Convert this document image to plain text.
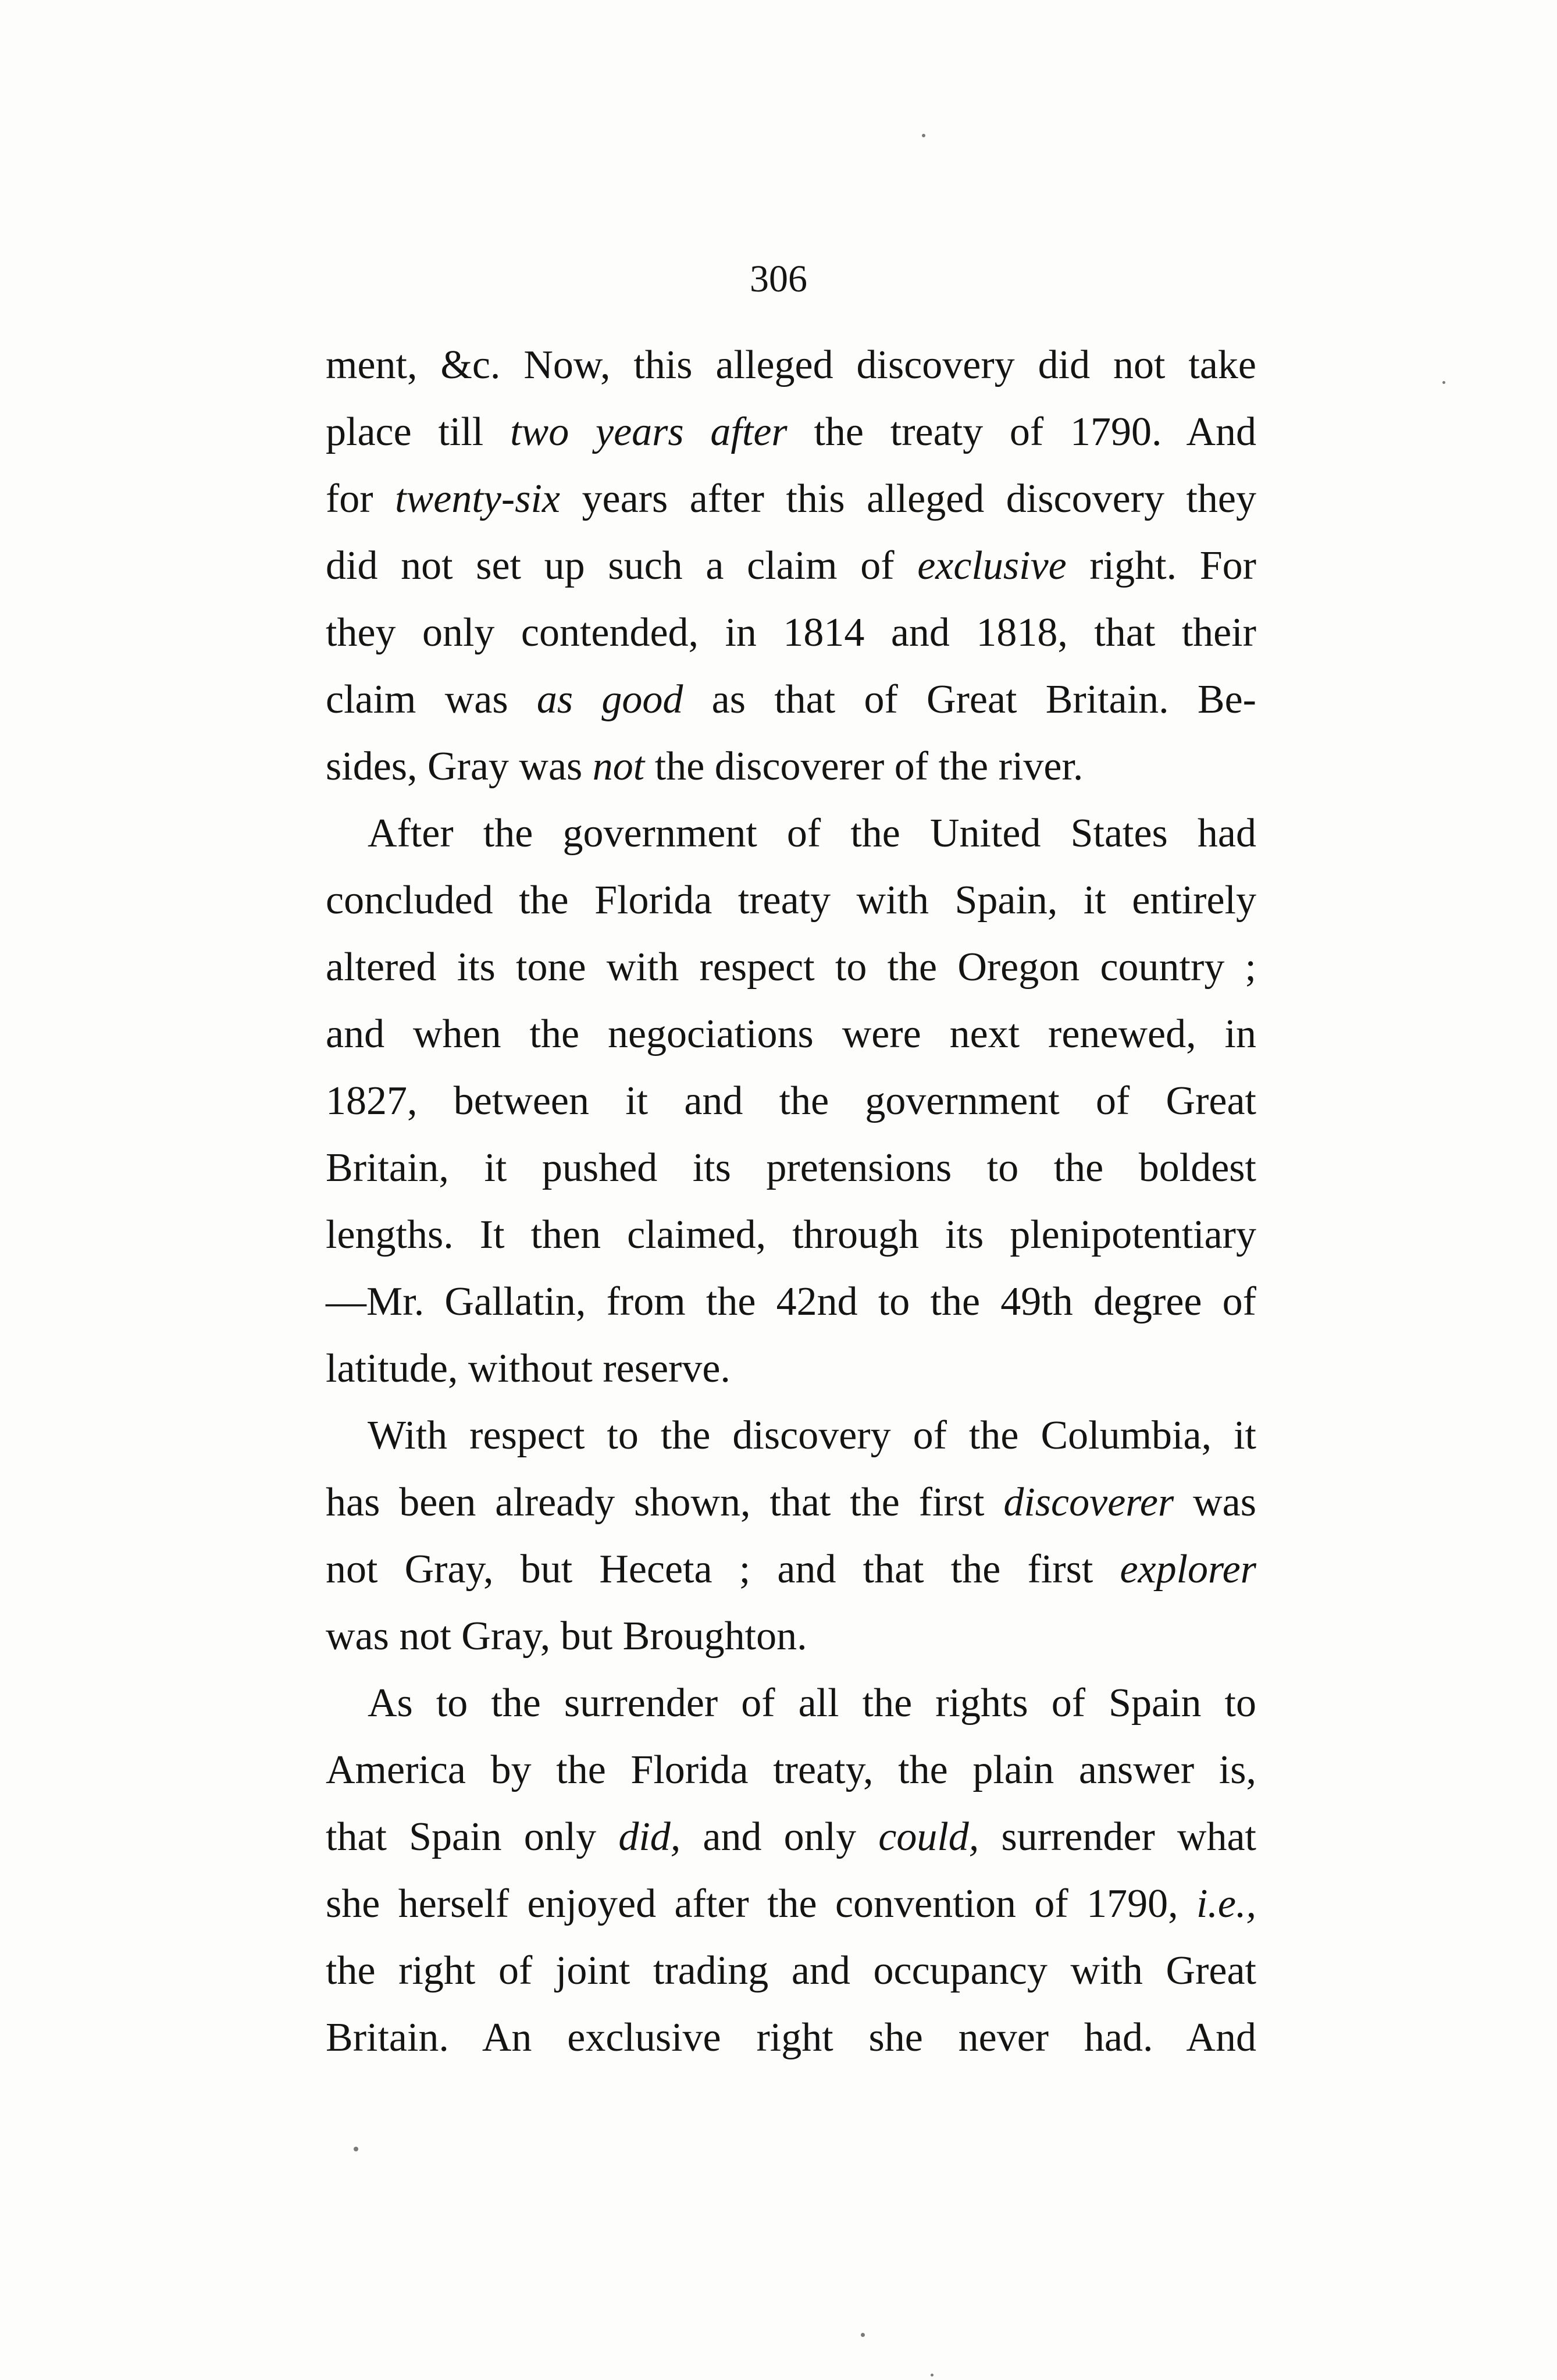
306
ment, &c. Now, this alleged discovery did not take
place till two years after the treaty of 1790. And
for twenty-six years after this alleged discovery they
did not set up such a claim of exclusive right. For
they only contended, in 1814 and 1818, that their
claim was as good as that of Great Britain. Be-
sides, Gray was not the discoverer of the river.
After the government of the United States had
concluded the Florida treaty with Spain, it entirely
altered its tone with respect to the Oregon country ;
and when the negociations were next renewed, in
1827, between it and the government of Great
Britain, it pushed its pretensions to the boldest
lengths. It then claimed, through its plenipotentiary
—Mr. Gallatin, from the 42nd to the 49th degree of
latitude, without reserve.
With respect to the discovery of the Columbia, it
has been already shown, that the first discoverer was
not Gray, but Heceta ; and that the first explorer
was not Gray, but Broughton.
As to the surrender of all the rights of Spain to
America by the Florida treaty, the plain answer is,
that Spain only did, and only could, surrender what
she herself enjoyed after the convention of 1790, i.e.,
the right of joint trading and occupancy with Great
Britain. An exclusive right she never had. And
